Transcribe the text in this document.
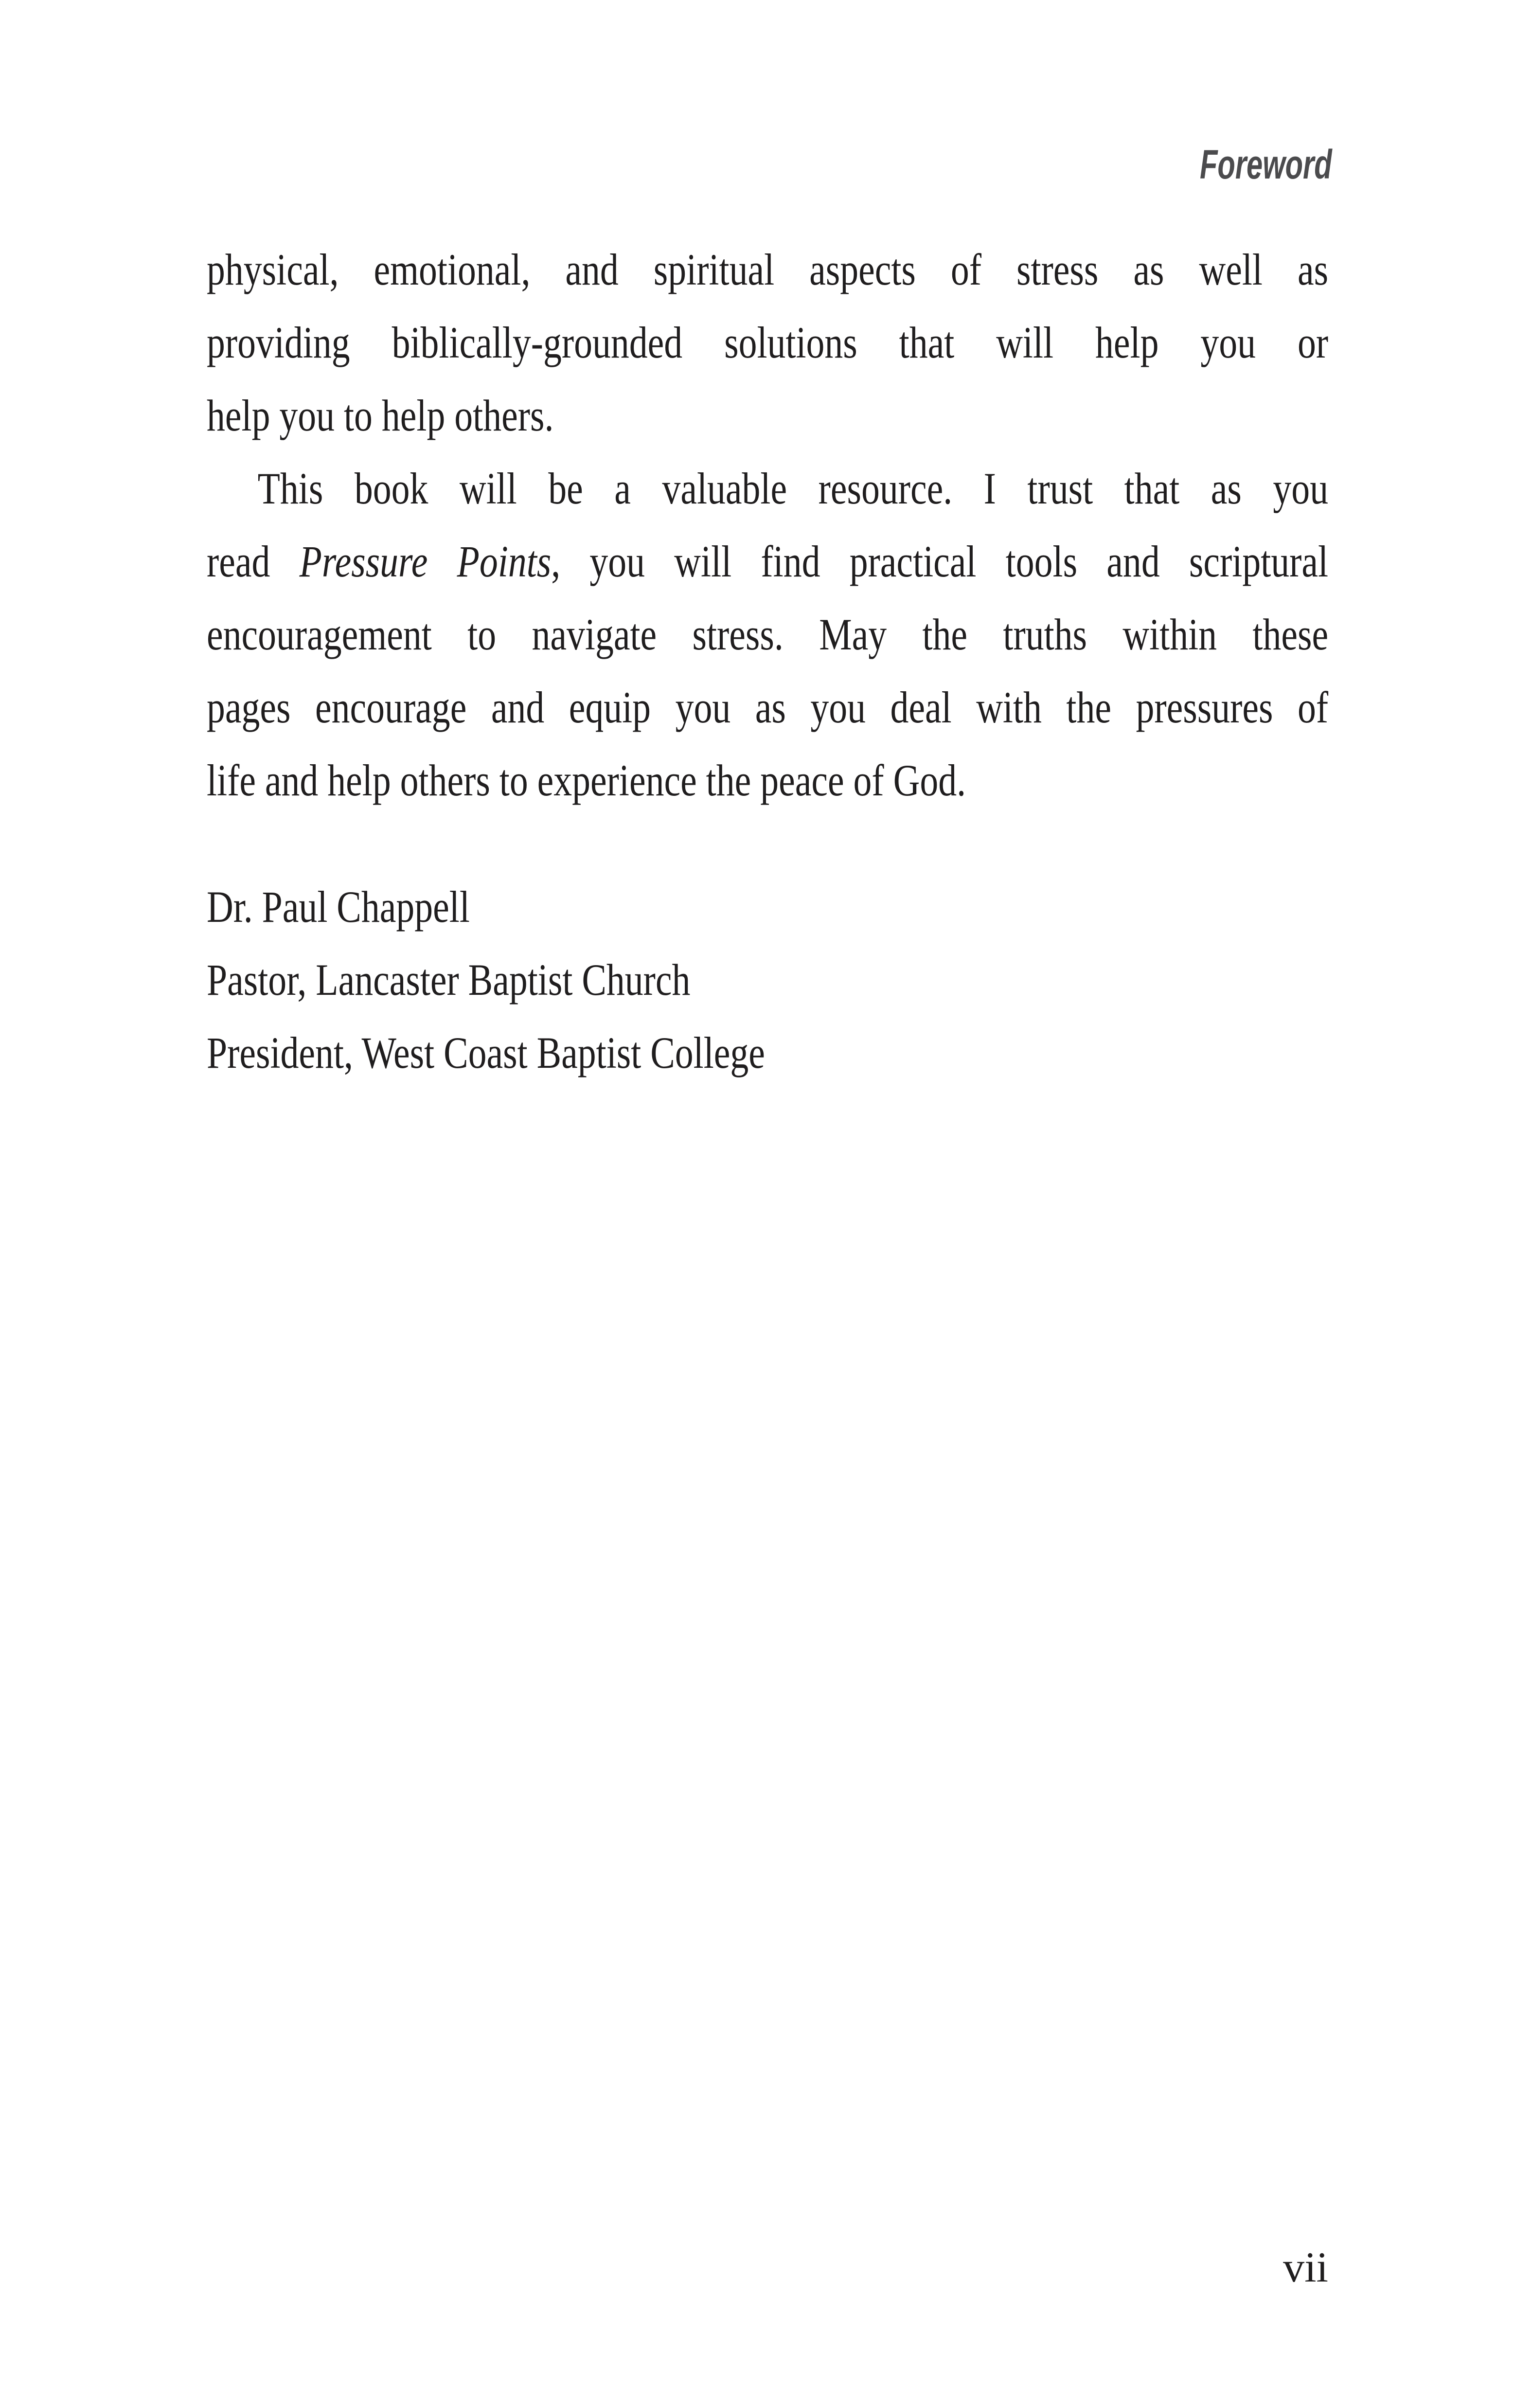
Foreword
physical, emotional, and spiritual aspects of stress as well as
providing biblically-grounded solutions that will help you or
help you to help others.
This book will be a valuable resource. I trust that as you
read Pressure Points, you will find practical tools and scriptural
encouragement to navigate stress. May the truths within these
pages encourage and equip you as you deal with the pressures of
life and help others to experience the peace of God.
Dr. Paul Chappell
Pastor, Lancaster Baptist Church
President, West Coast Baptist College
vii
